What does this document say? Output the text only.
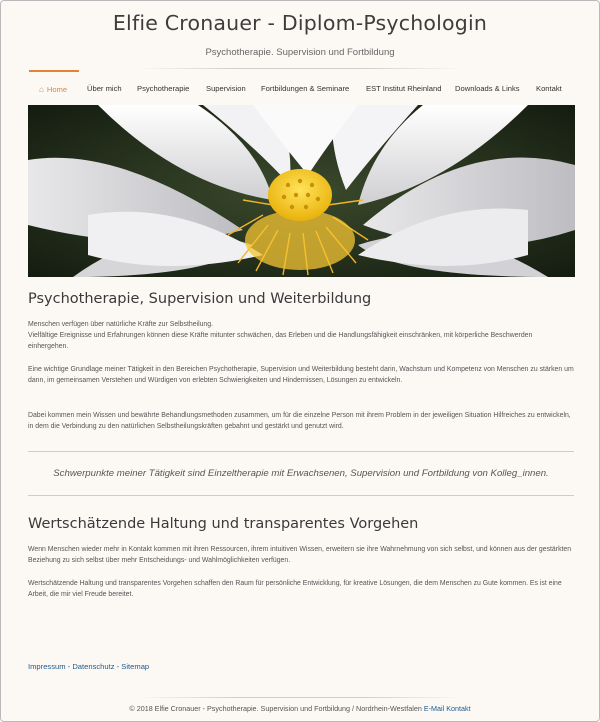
Elfie Cronauer - Diplom-Psychologin
Psychotherapie. Supervision und Fortbildung
⌂ Home	Über mich Psychotherapie Supervision Fortbildungen & Seminare EST Institut Rheinland Downloads & Links Kontakt
Psychotherapie, Supervision und Weiterbildung

Menschen verfügen über natürliche Kräfte zur Selbstheilung.
Vielfältige Ereignisse und Erfahrungen können diese Kräfte mitunter schwächen, das Erleben und die Handlungsfähigkeit einschränken, mit körperliche Beschwerden einhergehen.

Eine wichtige Grundlage meiner Tätigkeit in den Bereichen Psychotherapie, Supervision und Weiterbildung besteht darin, Wachstum und Kompetenz von Menschen zu stärken um dann, im gemeinsamen Verstehen und Würdigen von erlebten Schwierigkeiten und Hindernissen, Lösungen zu entwickeln.

Dabei kommen mein Wissen und bewährte Behandlungsmethoden zusammen, um für die einzelne Person mit ihrem Problem in der jeweiligen Situation Hilfreiches zu entwickeln, in dem die Verbindung zu den natürlichen Selbstheilungskräften gebahnt und gestärkt und genutzt wird.

Schwerpunkte meiner Tätigkeit sind Einzeltherapie mit Erwachsenen, Supervision und Fortbildung von Kolleg_innen.
Wertschätzende Haltung und transparentes Vorgehen

Wenn Menschen wieder mehr in Kontakt kommen mit ihren Ressourcen, ihrem intuitiven Wissen, erweitern sie ihre Wahrnehmung von sich selbst, und können aus der gestärkten Beziehung zu sich selbst über mehr Entscheidungs- und Wahlmöglichkeiten verfügen.

Wertschätzende Haltung und transparentes Vorgehen schaffen den Raum für persönliche Entwicklung, für kreative Lösungen, die dem Menschen zu Gute kommen. Es ist eine Arbeit, die mir viel Freude bereitet.

Impressum - Datenschutz - Sitemap
© 2018 Elfie Cronauer - Psychotherapie. Supervision und Fortbildung / Nordrhein-Westfalen E-Mail Kontakt
